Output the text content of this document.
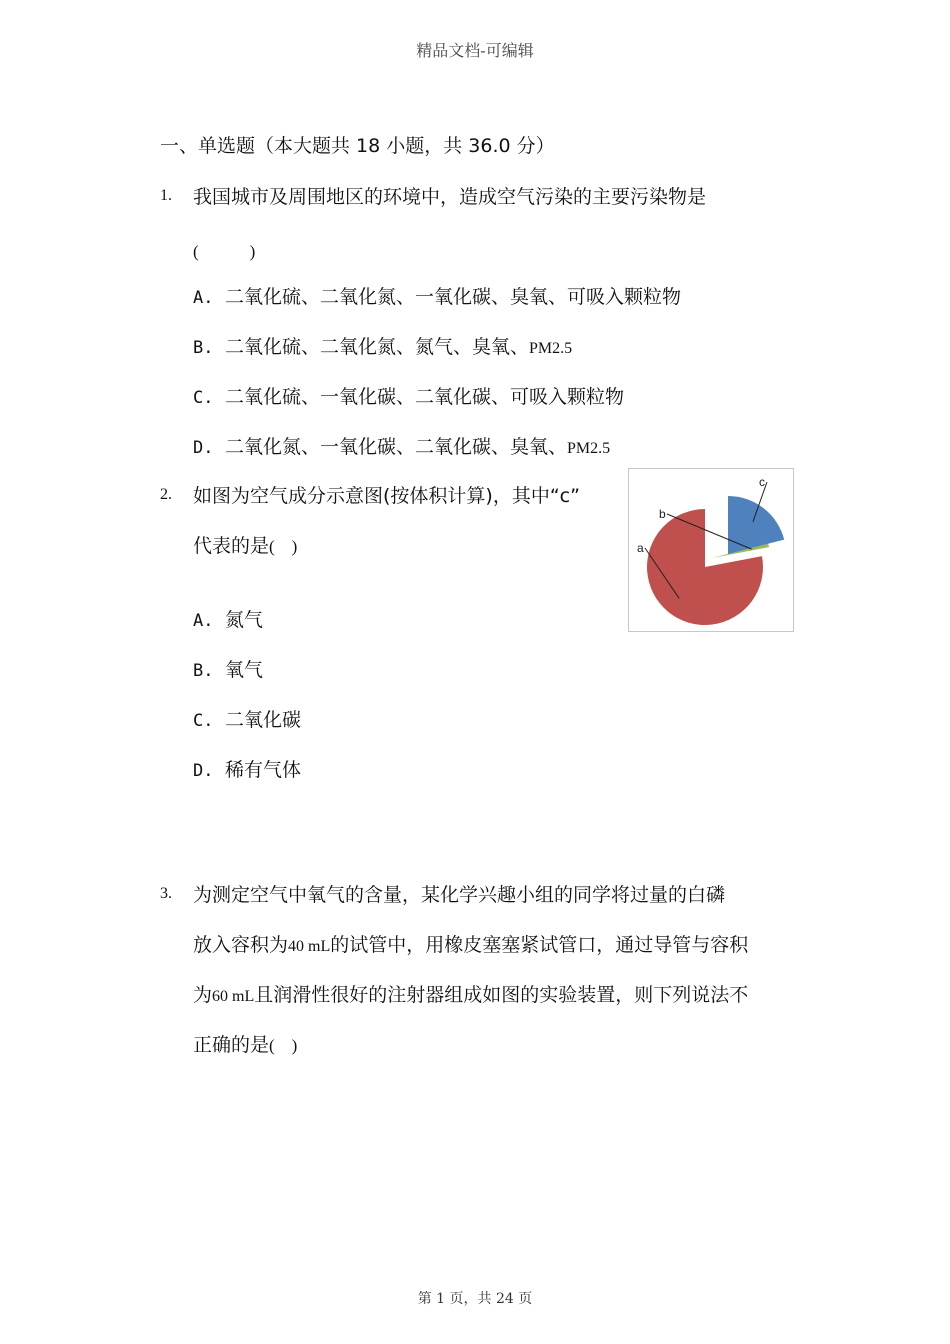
精品文档-可编辑
一、单选题（本大题共 18 小题，共 36.0 分）
1. 我国城市及周围地区的环境中，造成空气污染的主要污染物是
(　　　)
A. 二氧化硫、二氧化氮、一氧化碳、臭氧、可吸入颗粒物
B. 二氧化硫、二氧化氮、氮气、臭氧、PM2.5
C. 二氧化硫、一氧化碳、二氧化碳、可吸入颗粒物
D. 二氧化氮、一氧化碳、二氧化碳、臭氧、PM2.5
2. 如图为空气成分示意图(按体积计算)，其中“c”
代表的是(　)	a
b
c
A. 氮气
B. 氧气
C. 二氧化碳
D. 稀有气体
3. 为测定空气中氧气的含量，某化学兴趣小组的同学将过量的白磷
放入容积为40 mL的试管中，用橡皮塞塞紧试管口，通过导管与容积
为60 mL且润滑性很好的注射器组成如图的实验装置，则下列说法不
正确的是(　)
第 1 页，共 24 页
